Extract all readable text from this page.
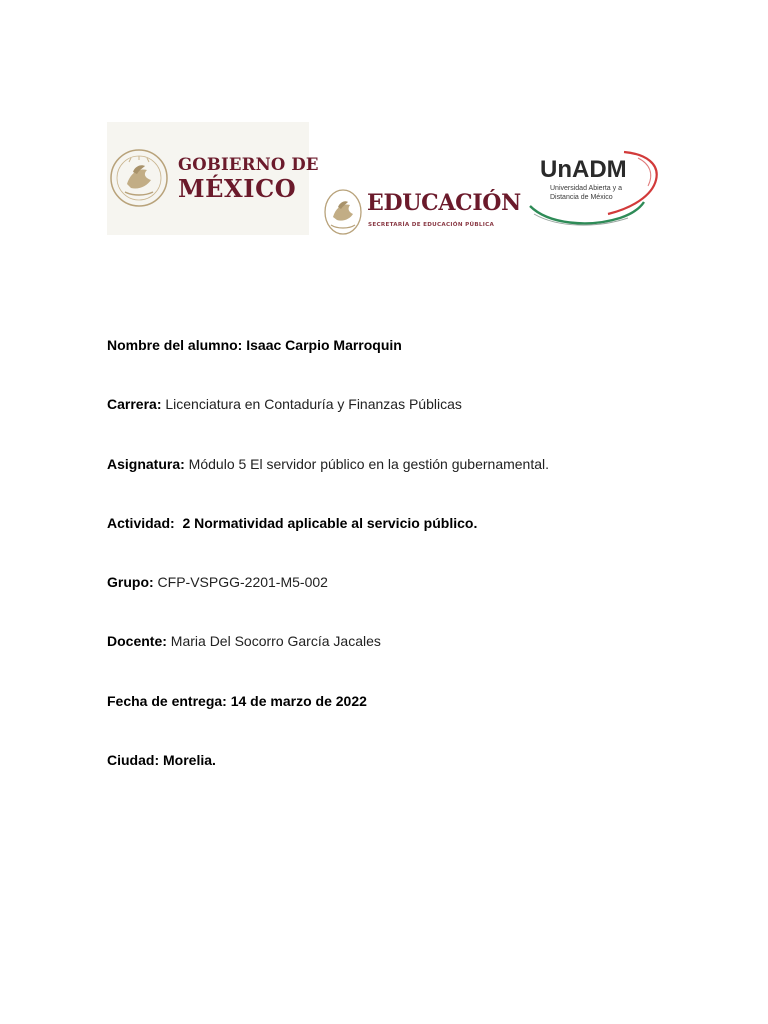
GOBIERNO DE
MÉXICO	EDUCACIÓN
SECRETARÍA DE EDUCACIÓN PÚBLICA
UnADM
Universidad Abierta y a
Distancia de México
Nombre del alumno: Isaac Carpio Marroquin
Carrera: Licenciatura en Contaduría y Finanzas Públicas
Asignatura: Módulo 5 El servidor público en la gestión gubernamental.
Actividad:  2 Normatividad aplicable al servicio público.
Grupo: CFP-VSPGG-2201-M5-002
Docente: Maria Del Socorro García Jacales
Fecha de entrega: 14 de marzo de 2022
Ciudad: Morelia.
